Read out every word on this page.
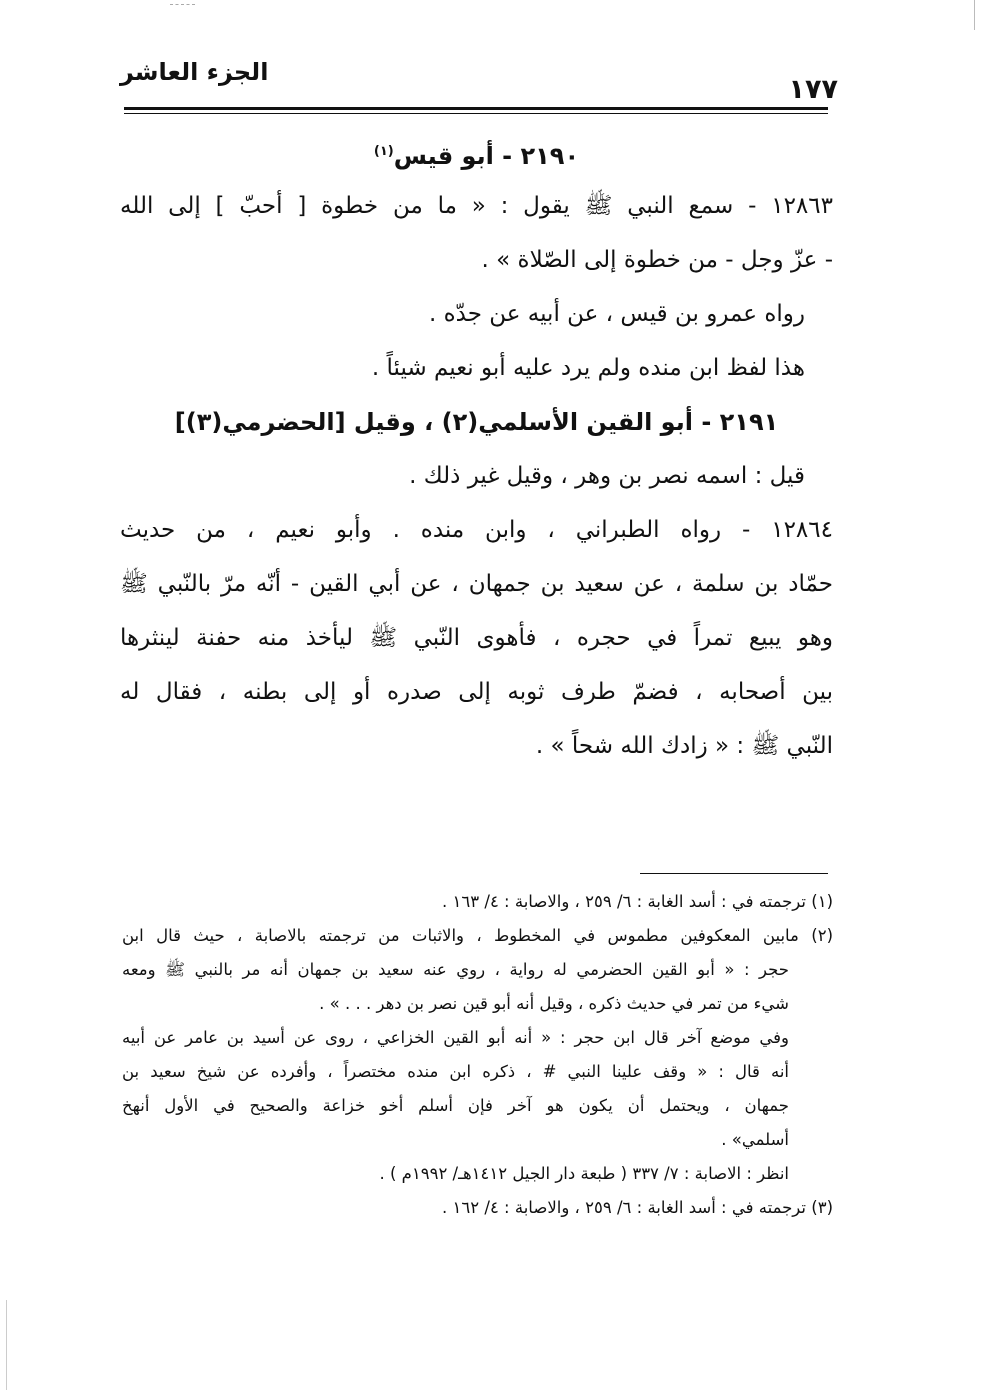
١٧٧
الجزء العاشر
٢١٩٠ - أبو قيس$^{(١)}$
١٢٨٦٣ - سمع النبي ﷺ يقول : « ما من خطوة [ أحبّ ] إلى الله
- عزّ وجل - من خطوة إلى الصّلاة » .
رواه عمرو بن قيس ، عن أبيه عن جدّه .
هذا لفظ ابن منده ولم يرد عليه أبو نعيم شيئاً .
٢١٩١ - أبو القين الأسلمي(٢) ، وقيل [الحضرمي(٣)]
قيل : اسمه نصر بن وهر ، وقيل غير ذلك .
١٢٨٦٤ - رواه الطبراني ، وابن منده . وأبو نعيم ، من حديث
حمّاد بن سلمة ، عن سعيد بن جمهان ، عن أبي القين - أنّه مرّ بالنّبي ﷺ
وهو يبيع تمراً في حجره ، فأهوى النّبي ﷺ ليأخذ منه حفنة لينثرها
بين أصحابه ، فضمّ طرف ثوبه إلى صدره أو إلى بطنه ، فقال له
النّبي ﷺ : « زادك الله شحاً » .
(١) ترجمته في : أسد الغابة : ٦/ ٢٥٩ ، والاصابة : ٤/ ١٦٣ .
(٢) مابين المعكوفين مطموس في المخطوط ، والاثبات من ترجمته بالاصابة ، حيث قال ابن
حجر : « أبو القين الحضرمي له رواية ، روي عنه سعيد بن جمهان أنه مر بالنبي ﷺ ومعه
شيء من تمر في حديث ذكره ، وقيل أنه أبو قين نصر بن دهر . . . » .
وفي موضع آخر قال ابن حجر : « أنه أبو القين الخزاعي ، روى عن أسيد بن عامر عن أبيه
أنه قال : « وقف علينا النبي # ، ذكره ابن منده مختصراً ، وأفرده عن شيخ سعيد بن
جمهان ، ويحتمل أن يكون هو آخر فإن أسلم أخو خزاعة والصحيح في الأول أنهخ
أسلمي» .
انظر : الاصابة : ٧/ ٣٣٧ ( طبعة دار الجيل ١٤١٢هـ/ ١٩٩٢م ) .
(٣) ترجمته في : أسد الغابة : ٦/ ٢٥٩ ، والاصابة : ٤/ ١٦٢ .
